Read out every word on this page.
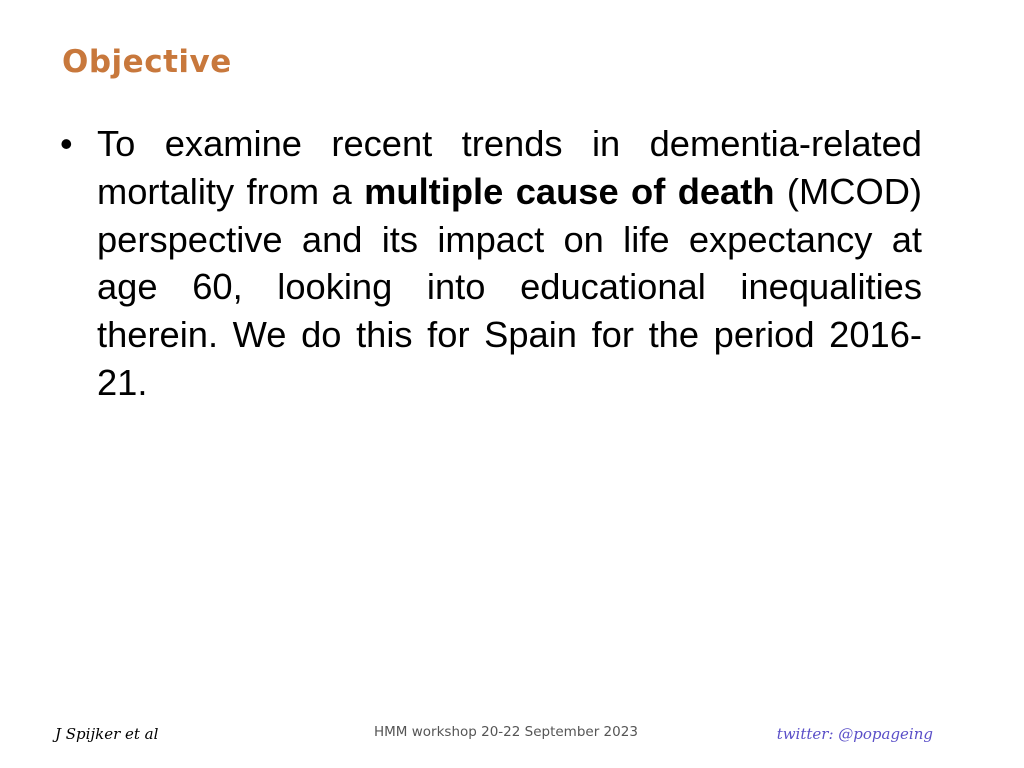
Objective
• To examine recent trends in dementia-related mortality from a multiple cause of death (MCOD) perspective and its impact on life expectancy at age 60, looking into educational inequalities therein. We do this for Spain for the period 2016-21.

J Spijker et al	HMM workshop 20-22 September 2023	twitter: @popageing
